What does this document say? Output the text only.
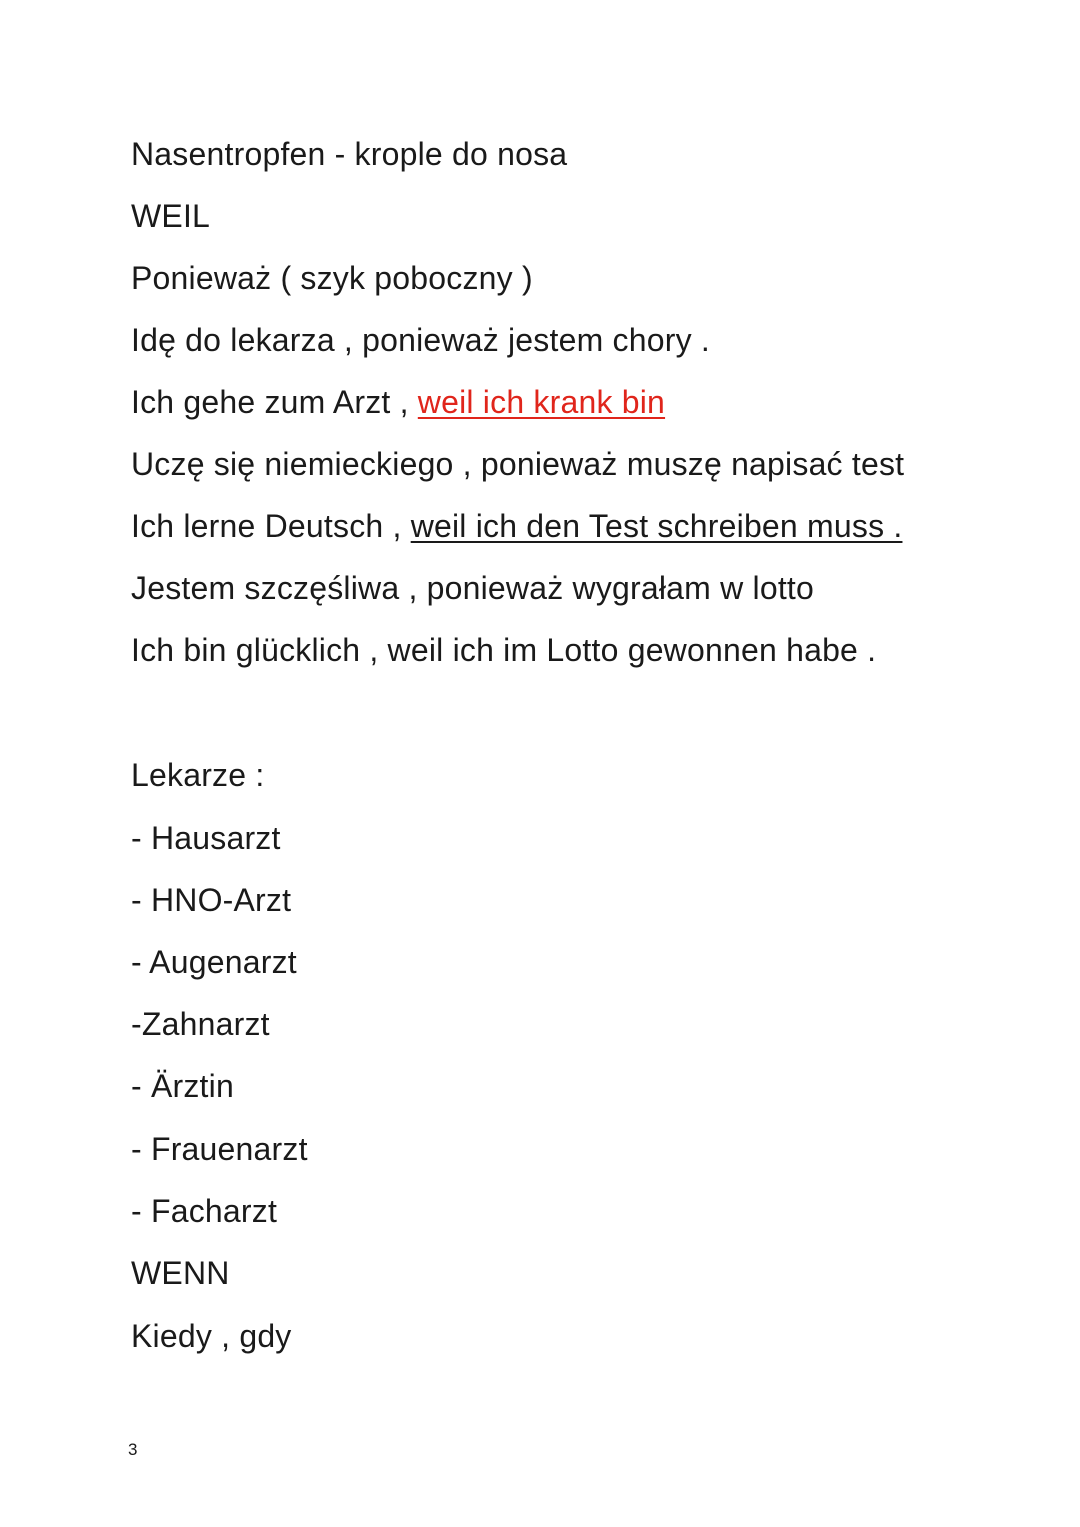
Nasentropfen - krople do nosa
WEIL
Ponieważ ( szyk poboczny )
Idę do lekarza , ponieważ jestem chory .
Ich gehe zum Arzt , weil ich krank bin
Uczę się niemieckiego , ponieważ muszę napisać test
Ich lerne Deutsch , weil ich den Test schreiben muss .
Jestem szczęśliwa , ponieważ wygrałam w lotto
Ich bin glücklich , weil ich im Lotto gewonnen habe .
Lekarze :
- Hausarzt
- HNO-Arzt
- Augenarzt
-Zahnarzt
- Ärztin
- Frauenarzt
- Facharzt
WENN
Kiedy , gdy
3
